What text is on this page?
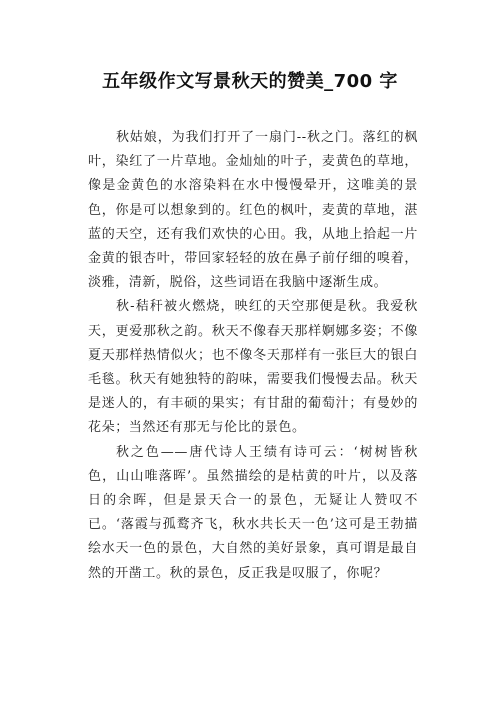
五年级作文写景秋天的赞美_700 字

秋姑娘，为我们打开了一扇门--秋之门。落红的枫叶，染红了一片草地。金灿灿的叶子，麦黄色的草地，像是金黄色的水溶染料在水中慢慢晕开，这唯美的景色，你是可以想象到的。红色的枫叶，麦黄的草地，湛蓝的天空，还有我们欢快的心田。我，从地上拾起一片金黄的银杏叶，带回家轻轻的放在鼻子前仔细的嗅着，淡雅，清新，脱俗，这些词语在我脑中逐渐生成。

秋-秸秆被火燃烧，映红的天空那便是秋。我爱秋天，更爱那秋之韵。秋天不像春天那样婀娜多姿；不像夏天那样热情似火；也不像冬天那样有一张巨大的银白毛毯。秋天有她独特的韵味，需要我们慢慢去品。秋天是迷人的，有丰硕的果实；有甘甜的葡萄汁；有曼妙的花朵；当然还有那无与伦比的景色。

秋之色——唐代诗人王绩有诗可云：‘树树皆秋色，山山唯落晖’。虽然描绘的是枯黄的叶片，以及落日的余晖，但是景天合一的景色，无疑让人赞叹不已。‘落霞与孤鹜齐飞，秋水共长天一色’这可是王勃描绘水天一色的景色，大自然的美好景象，真可谓是最自然的开凿工。秋的景色，反正我是叹服了，你呢？
